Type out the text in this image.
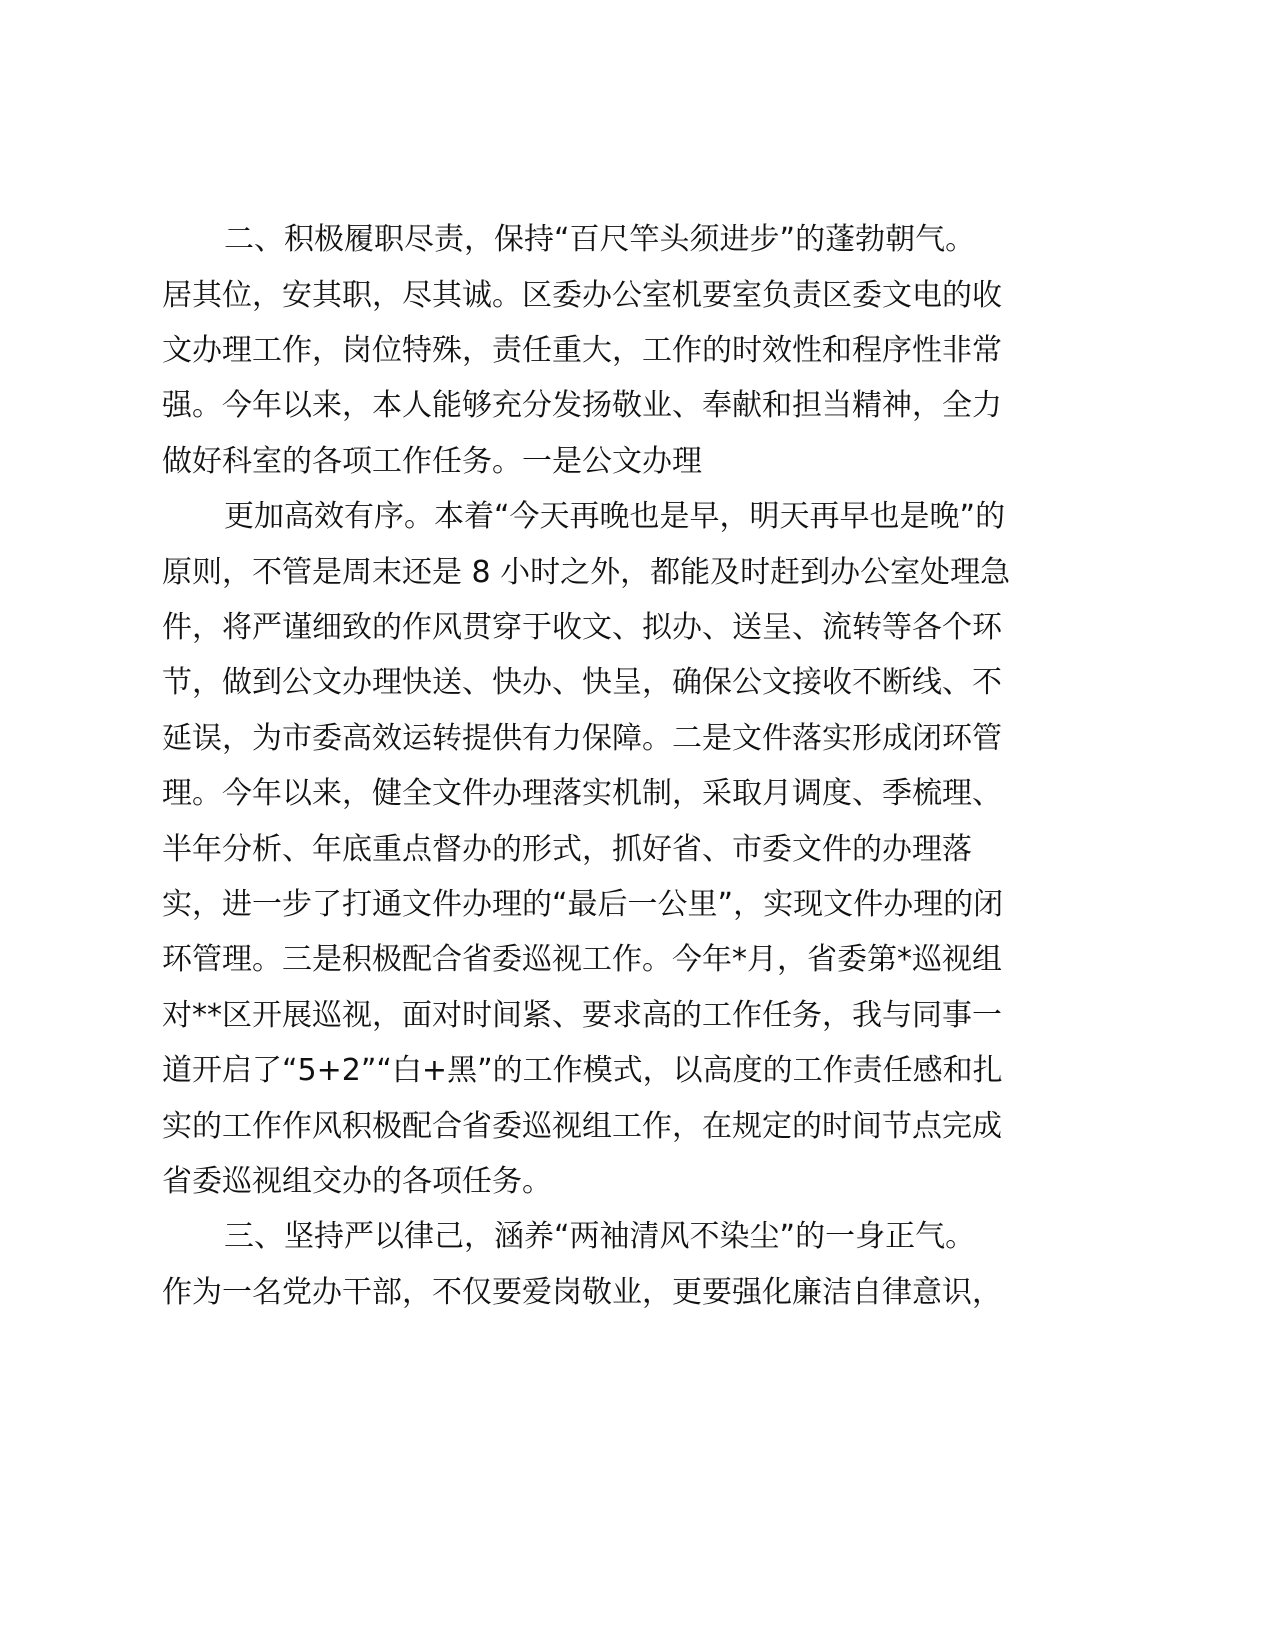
二、积极履职尽责，保持“百尺竿头须进步”的蓬勃朝气。
居其位，安其职，尽其诚。区委办公室机要室负责区委文电的收
文办理工作，岗位特殊，责任重大，工作的时效性和程序性非常
强。今年以来，本人能够充分发扬敬业、奉献和担当精神，全力
做好科室的各项工作任务。一是公文办理
更加高效有序。本着“今天再晚也是早，明天再早也是晚”的
原则，不管是周末还是 8 小时之外，都能及时赶到办公室处理急
件，将严谨细致的作风贯穿于收文、拟办、送呈、流转等各个环
节，做到公文办理快送、快办、快呈，确保公文接收不断线、不
延误，为市委高效运转提供有力保障。二是文件落实形成闭环管
理。今年以来，健全文件办理落实机制，采取月调度、季梳理、
半年分析、年底重点督办的形式，抓好省、市委文件的办理落
实，进一步了打通文件办理的“最后一公里”，实现文件办理的闭
环管理。三是积极配合省委巡视工作。今年*月，省委第*巡视组
对**区开展巡视，面对时间紧、要求高的工作任务，我与同事一
道开启了“5+2”“白+黑”的工作模式，以高度的工作责任感和扎
实的工作作风积极配合省委巡视组工作，在规定的时间节点完成
省委巡视组交办的各项任务。
三、坚持严以律己，涵养“两袖清风不染尘”的一身正气。
作为一名党办干部，不仅要爱岗敬业，更要强化廉洁自律意识，
